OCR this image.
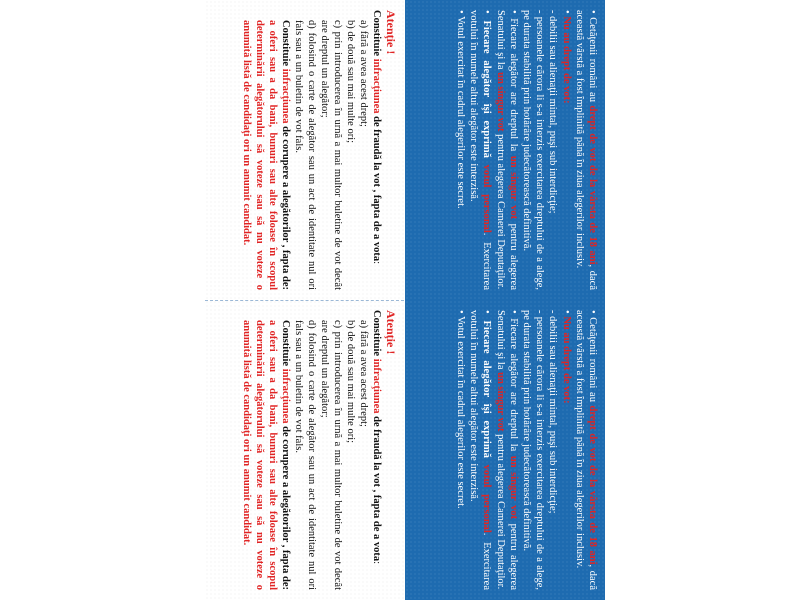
• Cetăţenii români au drept de vot de la vârsta de 18 ani, dacă această vârstă a fost împlinită până în ziua alegerilor inclusiv.

• Nu au drept de vot:

- debilii sau alienaţii mintal, puşi sub interdicţie;

- persoanele cărora li s-a interzis exercitarea dreptului de a alege, pe durata stabilită prin hotărâre judecătorească definitivă.

• Fiecare alegător are dreptul la un singur vot pentru alegerea Senatului şi la un singur vot pentru alegerea Camerei Deputaţilor.

• Fiecare alegător îşi exprimă votul personal. Exercitarea votului în numele altui alegător este interzisă.

• Votul exercitat în cadrul alegerilor este secret.

Atenţie !

Constituie infracţiunea de fraudă la vot , fapta de a vota:

a) fără a avea acest drept;

b) de două sau mai multe ori;

c) prin introducerea în urnă a mai multor buletine de vot decât are dreptul un alegător;

d) folosind o carte de alegător sau un act de identitate nul ori fals sau a un buletin de vot fals.

Constituie infracţiunea de corupere a alegătorilor , fapta de: a oferi sau a da bani, bunuri sau alte foloase în scopul determinării alegătorului să voteze sau să nu voteze o anumită listă de candidaţi ori un anumit candidat.

• Cetăţenii români au drept de vot de la vârsta de 18 ani, dacă această vârstă a fost împlinită până în ziua alegerilor inclusiv.

• Nu au drept de vot:

- debilii sau alienaţii mintal, puşi sub interdicţie;

- persoanele cărora li s-a interzis exercitarea dreptului de a alege, pe durata stabilită prin hotărâre judecătorească definitivă.

• Fiecare alegător are dreptul la un singur vot pentru alegerea Senatului şi la un singur vot pentru alegerea Camerei Deputaţilor.

• Fiecare alegător îşi exprimă votul personal. Exercitarea votului în numele altui alegător este interzisă.

• Votul exercitat în cadrul alegerilor este secret.

Atenţie !

Constituie infracţiunea de fraudă la vot , fapta de a vota:

a) fără a avea acest drept;

b) de două sau mai multe ori;

c) prin introducerea în urnă a mai multor buletine de vot decât are dreptul un alegător;

d) folosind o carte de alegător sau un act de identitate nul ori fals sau a un buletin de vot fals.

Constituie infracţiunea de corupere a alegătorilor , fapta de: a oferi sau a da bani, bunuri sau alte foloase în scopul determinării alegătorului să voteze sau să nu voteze o anumită listă de candidaţi ori un anumit candidat.
